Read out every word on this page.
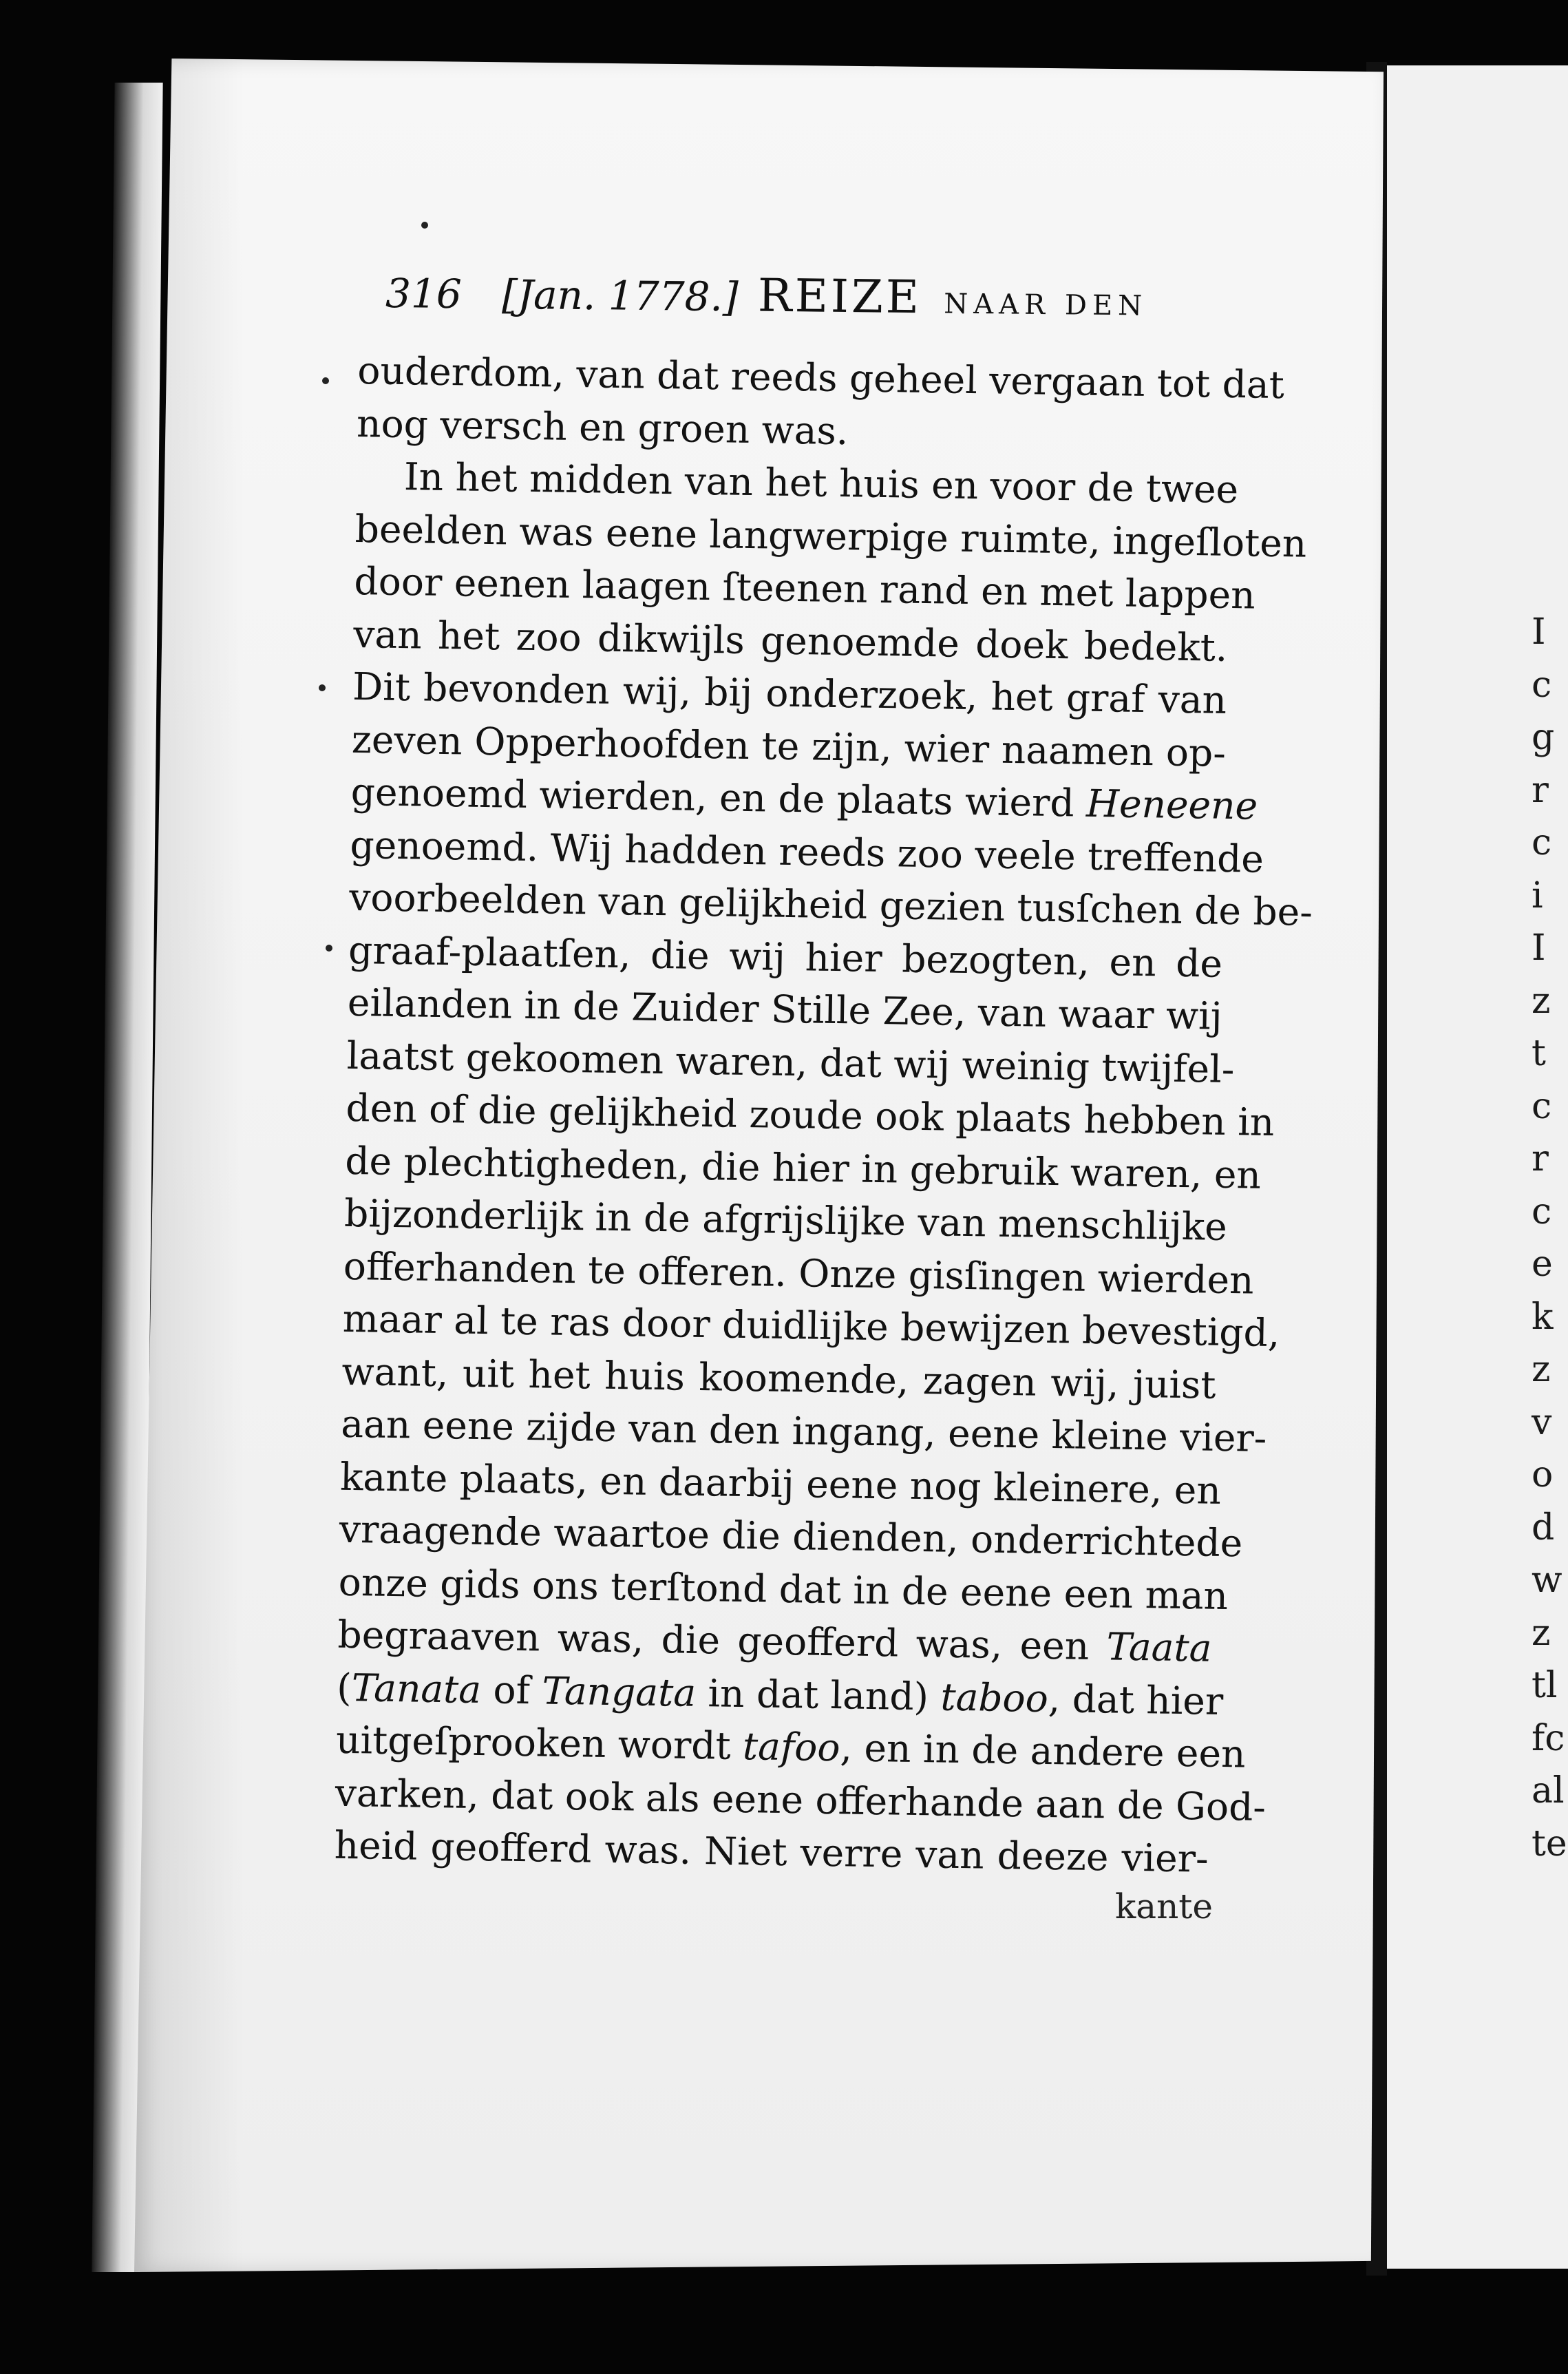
I
c
g
r
c
i
I
z
t
c
r
c
e
k
z
v
o
d
w
z
tl
fc
al
te
316 [Jan. 1778.] REIZE NAAR DEN
ouderdom, van dat reeds geheel vergaan tot dat
nog versch en groen was.
In het midden van het huis en voor de twee
beelden was eene langwerpige ruimte, ingeſloten
door eenen laagen ſteenen rand en met lappen
van het zoo dikwijls genoemde doek bedekt.
Dit bevonden wij, bij onderzoek, het graf van
zeven Opperhoofden te zijn, wier naamen op-
genoemd wierden, en de plaats wierd Heneene
genoemd. Wij hadden reeds zoo veele treffende
voorbeelden van gelijkheid gezien tusſchen de be-
graaf-plaatſen, die wij hier bezogten, en de
eilanden in de Zuider Stille Zee, van waar wij
laatst gekoomen waren, dat wij weinig twijfel-
den of die gelijkheid zoude ook plaats hebben in
de plechtigheden, die hier in gebruik waren, en
bijzonderlijk in de afgrijslijke van menschlijke
offerhanden te offeren. Onze gisſingen wierden
maar al te ras door duidlijke bewijzen bevestigd,
want, uit het huis koomende, zagen wij, juist
aan eene zijde van den ingang, eene kleine vier-
kante plaats, en daarbij eene nog kleinere, en
vraagende waartoe die dienden, onderrichtede
onze gids ons terſtond dat in de eene een man
begraaven was, die geofferd was, een Taata
(Tanata of Tangata in dat land) taboo, dat hier
uitgeſprooken wordt tafoo, en in de andere een
varken, dat ook als eene offerhande aan de God-
heid geofferd was. Niet verre van deeze vier-
kante
